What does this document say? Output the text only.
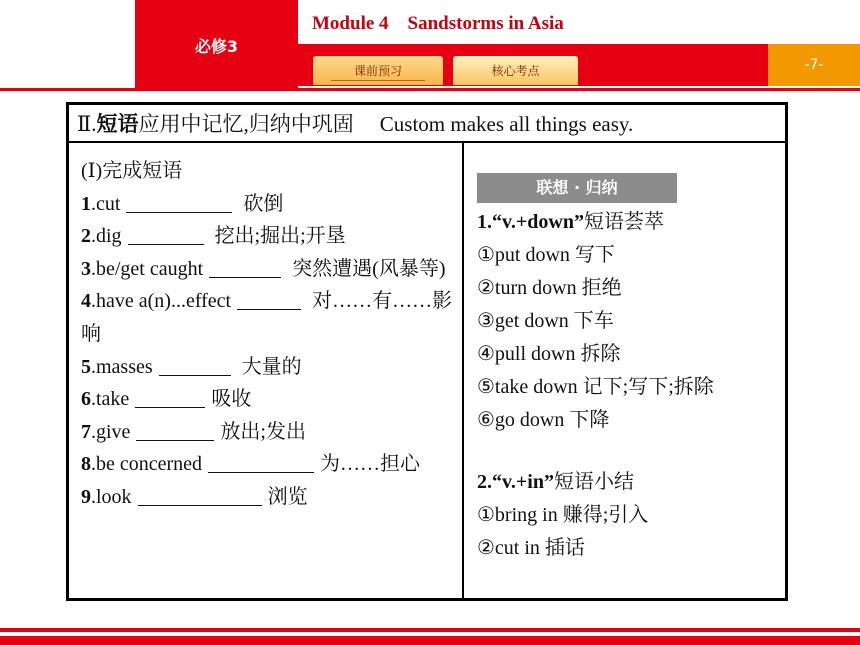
必修3
Module 4    Sandstorms in Asia
课前预习	核心考点	-7-
Ⅱ.短语应用中记忆,归纳中巩固 Custom makes all things easy.
(Ⅰ)完成短语
1.cut	砍倒
2.dig	挖出;掘出;开垦
3.be/get caught	突然遭遇(风暴等)
4.have a(n)...effect	对……有……影响
5.masses	大量的
6.take	吸收
7.give	放出;发出
8.be concerned	为……担心
9.look	浏览
联想 · 归纳
1.“v.+down”短语荟萃
①put down 写下
②turn down 拒绝
③get down 下车
④pull down 拆除
⑤take down 记下;写下;拆除
⑥go down 下降
2.“v.+in”短语小结
①bring in 赚得;引入
②cut in 插话
